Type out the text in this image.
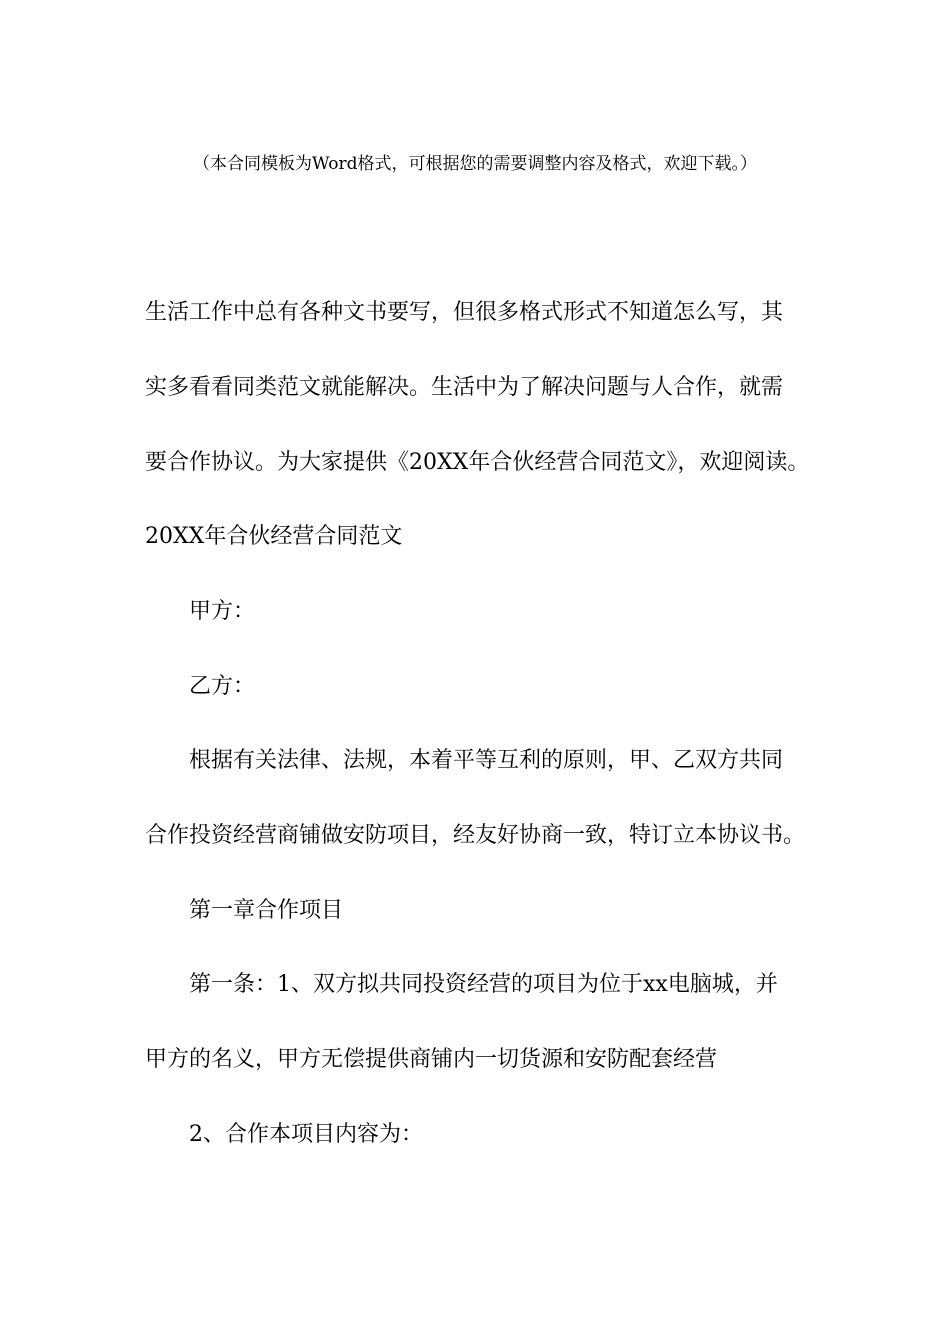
（本合同模板为Word格式，可根据您的需要调整内容及格式，欢迎下载。）
生活工作中总有各种文书要写，但很多格式形式不知道怎么写，其
实多看看同类范文就能解决。生活中为了解决问题与人合作，就需
要合作协议。为大家提供《20XX年合伙经营合同范文》，欢迎阅读。
20XX年合伙经营合同范文
甲方：
乙方：
根据有关法律、法规，本着平等互利的原则，甲、乙双方共同
合作投资经营商铺做安防项目，经友好协商一致，特订立本协议书。
第一章合作项目
第一条：1、双方拟共同投资经营的项目为位于xx电脑城，并
甲方的名义，甲方无偿提供商铺内一切货源和安防配套经营
2、合作本项目内容为：
